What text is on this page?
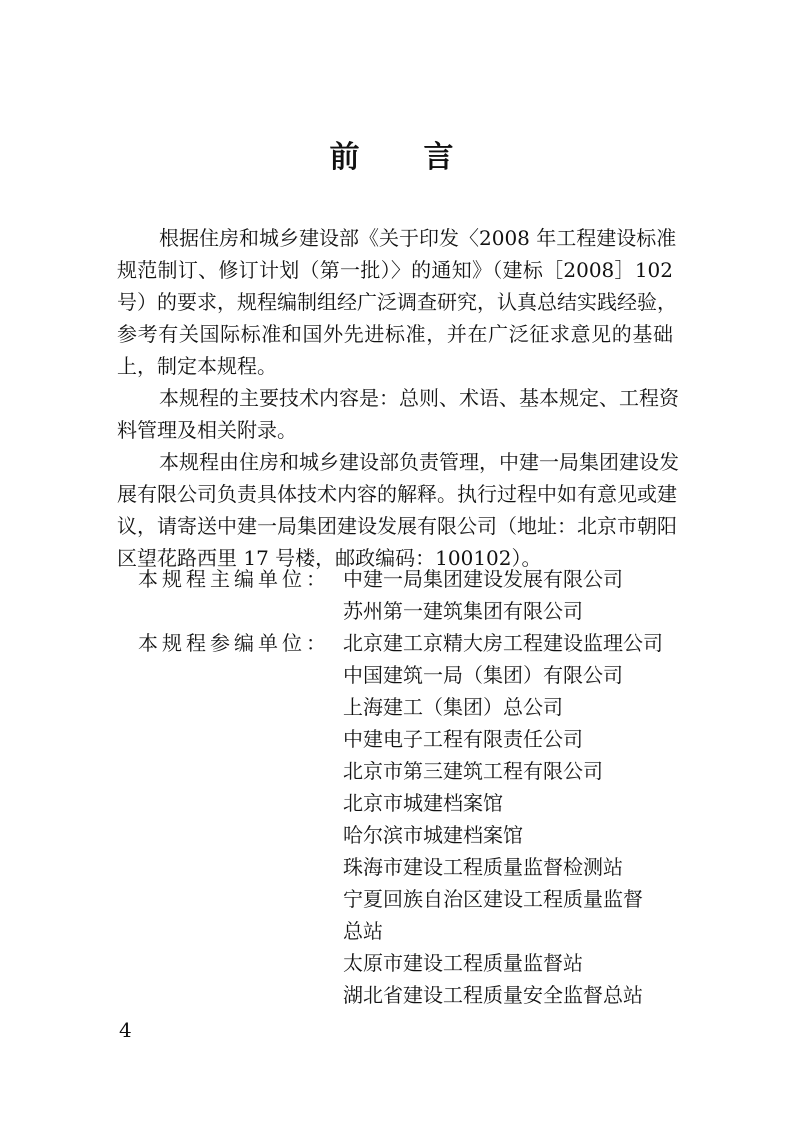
前 言
根据住房和城乡建设部《关于印发〈2008 年工程建设标准
规范制订、修订计划（第一批）〉的通知》（建标［2008］102
号）的要求，规程编制组经广泛调查研究，认真总结实践经验，
参考有关国际标准和国外先进标准，并在广泛征求意见的基础
上，制定本规程。
本规程的主要技术内容是：总则、术语、基本规定、工程资
料管理及相关附录。
本规程由住房和城乡建设部负责管理，中建一局集团建设发
展有限公司负责具体技术内容的解释。执行过程中如有意见或建
议，请寄送中建一局集团建设发展有限公司（地址：北京市朝阳
区望花路西里 17 号楼，邮政编码：100102）。
本规程主编单位： 中建一局集团建设发展有限公司
苏州第一建筑集团有限公司
本规程参编单位： 北京建工京精大房工程建设监理公司
中国建筑一局（集团）有限公司
上海建工（集团）总公司
中建电子工程有限责任公司
北京市第三建筑工程有限公司
北京市城建档案馆
哈尔滨市城建档案馆
珠海市建设工程质量监督检测站
宁夏回族自治区建设工程质量监督
总站
太原市建设工程质量监督站
湖北省建设工程质量安全监督总站
4
